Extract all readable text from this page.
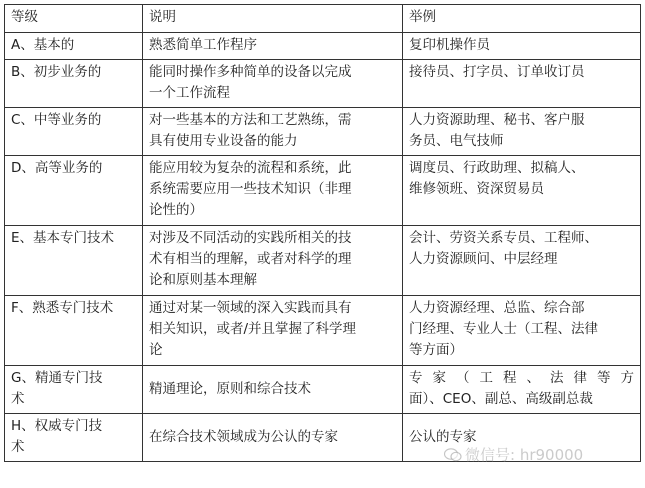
等级	说明	举例

A、基本的	熟悉简单工作程序	复印机操作员

B、初步业务的	能同时操作多种简单的设备以完成
一个工作流程	接待员、打字员、订单收订员

C、中等业务的	对一些基本的方法和工艺熟练，需
具有使用专业设备的能力	人力资源助理、秘书、客户服
务员、电气技师

D、高等业务的	能应用较为复杂的流程和系统，此
系统需要应用一些技术知识（非理
论性的）	调度员、行政助理、拟稿人、
维修领班、资深贸易员

E、基本专门技术	对涉及不同活动的实践所相关的技
术有相当的理解，或者对科学的理
论和原则基本理解	会计、劳资关系专员、工程师、
人力资源顾问、中层经理

F、熟悉专门技术	通过对某一领域的深入实践而具有
相关知识，或者/并且掌握了科学理
论	人力资源经理、总监、综合部
门经理、专业人士（工程、法律
等方面）

G、精通专门技
术	精通理论，原则和综合技术	专家（工程、法律等方
面）、CEO、副总、高级副总裁

H、权威专门技
术	在综合技术领域成为公认的专家	公认的专家
微信号: hr90000
